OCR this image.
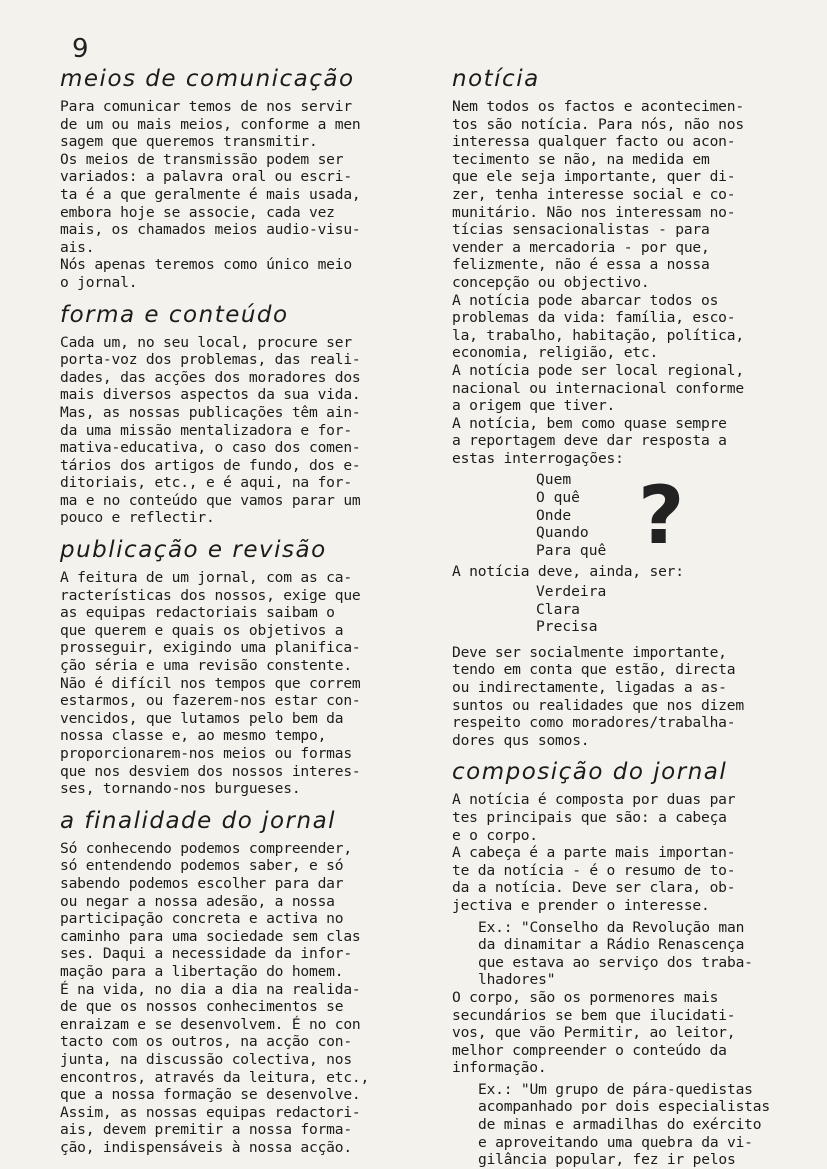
9
meios de comunicação

Para comunicar temos de nos servir
de um ou mais meios, conforme a men
sagem que queremos transmitir.
Os meios de transmissão podem ser
variados: a palavra oral ou escri-
ta é a que geralmente é mais usada,
embora hoje se associe, cada vez
mais, os chamados meios audio-visu-
ais.
Nós apenas teremos como único meio
o jornal.

forma e conteúdo

Cada um, no seu local, procure ser
porta-voz dos problemas, das reali-
dades, das acções dos moradores dos
mais diversos aspectos da sua vida.
Mas, as nossas publicações têm ain-
da uma missão mentalizadora e for-
mativa-educativa, o caso dos comen-
tários dos artigos de fundo, dos e-
ditoriais, etc., e é aqui, na for-
ma e no conteúdo que vamos parar um
pouco e reflectir.

publicação e revisão

A feitura de um jornal, com as ca-
racterísticas dos nossos, exige que
as equipas redactoriais saibam o
que querem e quais os objetivos a
prosseguir, exigindo uma planifica-
ção séria e uma revisão constente.
Não é difícil nos tempos que correm
estarmos, ou fazerem-nos estar con-
vencidos, que lutamos pelo bem da
nossa classe e, ao mesmo tempo,
proporcionarem-nos meios ou formas
que nos desviem dos nossos interes-
ses, tornando-nos burgueses.

a finalidade do jornal

Só conhecendo podemos compreender,
só entendendo podemos saber, e só
sabendo podemos escolher para dar
ou negar a nossa adesão, a nossa
participação concreta e activa no
caminho para uma sociedade sem clas
ses. Daqui a necessidade da infor-
mação para a libertação do homem.
É na vida, no dia a dia na realida-
de que os nossos conhecimentos se
enraizam e se desenvolvem. É no con
tacto com os outros, na acção con-
junta, na discussão colectiva, nos
encontros, através da leitura, etc.,
que a nossa formação se desenvolve.
Assim, as nossas equipas redactori-
ais, devem premitir a nossa forma-
ção, indispensáveis à nossa acção.

notícia

Nem todos os factos e acontecimen-
tos são notícia. Para nós, não nos
interessa qualquer facto ou acon-
tecimento se não, na medida em
que ele seja importante, quer di-
zer, tenha interesse social e co-
munitário. Não nos interessam no-
tícias sensacionalistas - para
vender a mercadoria - por que,
felizmente, não é essa a nossa
concepção ou objectivo.
A notícia pode abarcar todos os
problemas da vida: família, esco-
la, trabalho, habitação, política,
economia, religião, etc.
A notícia pode ser local regional,
nacional ou internacional conforme
a origem que tiver.
A notícia, bem como quase sempre
a reportagem deve dar resposta a
estas interrogações:

Quem
O quê
Onde
Quando
Para quê ?

A notícia deve, ainda, ser:

Verdeira
Clara
Precisa

Deve ser socialmente importante,
tendo em conta que estão, directa
ou indirectamente, ligadas a as-
suntos ou realidades que nos dizem
respeito como moradores/trabalha-
dores qus somos.

composição do jornal

A notícia é composta por duas par
tes principais que são: a cabeça
e o corpo.
A cabeça é a parte mais importan-
te da notícia - é o resumo de to-
da a notícia. Deve ser clara, ob-
jectiva e prender o interesse.

Ex.: "Conselho da Revolução man
da dinamitar a Rádio Renascença
que estava ao serviço dos traba-
lhadores"

O corpo, são os pormenores mais
secundários se bem que ilucidati-
vos, que vão Permitir, ao leitor,
melhor compreender o conteúdo da
informação.

Ex.: "Um grupo de pára-quedistas
acompanhado por dois especialistas
de minas e armadilhas do exército
e aproveitando uma quebra da vi-
gilância popular, fez ir pelos
